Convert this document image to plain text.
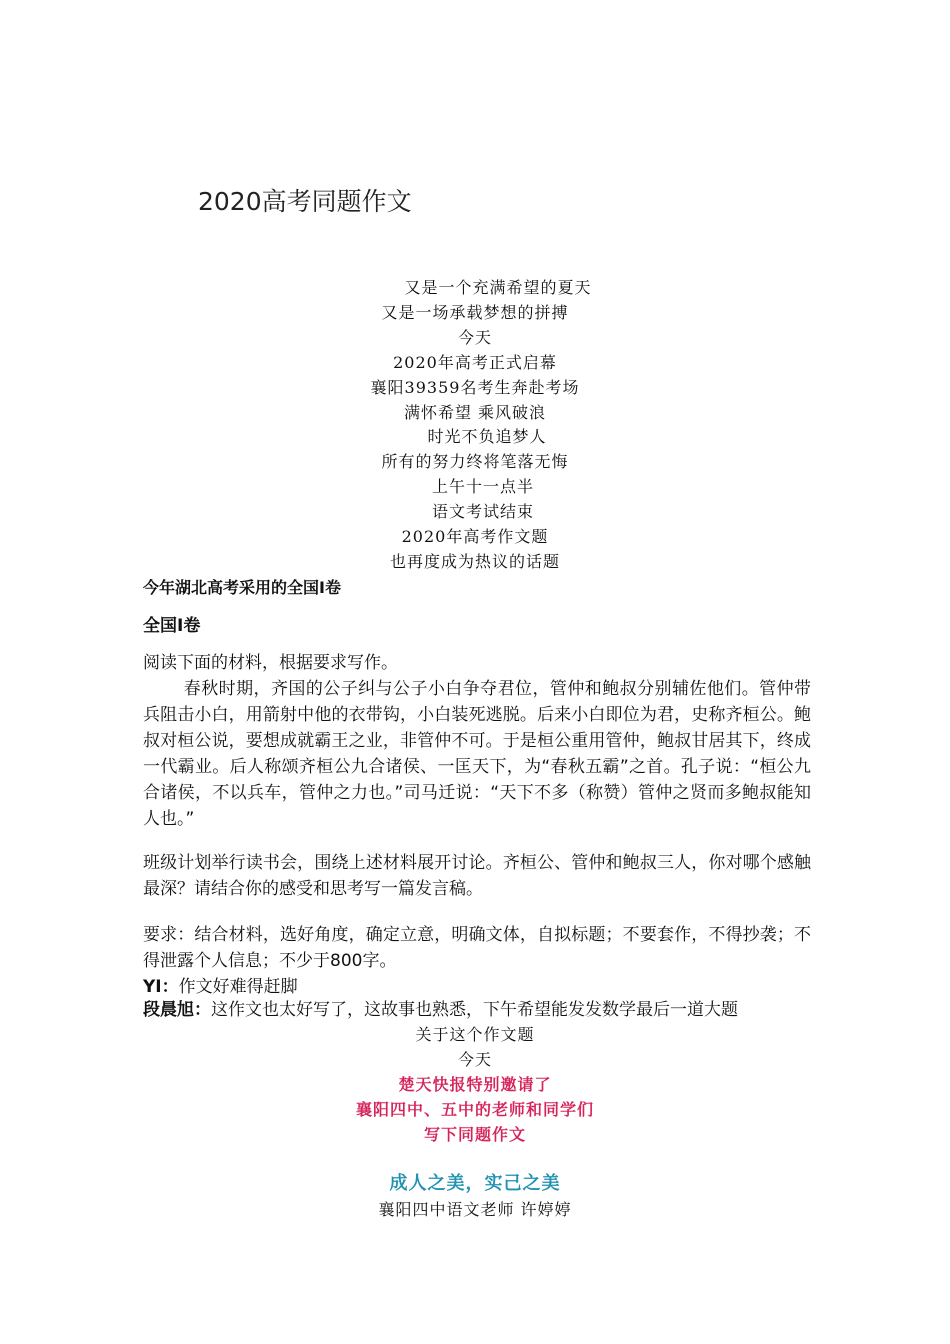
2020高考同题作文
又是一个充满希望的夏天
又是一场承载梦想的拼搏
今天
2020年高考正式启幕
襄阳39359名考生奔赴考场
满怀希望 乘风破浪
时光不负追梦人
所有的努力终将笔落无悔
上午十一点半
语文考试结束
2020年高考作文题
也再度成为热议的话题
今年湖北高考采用的全国Ⅰ卷
全国Ⅰ卷
阅读下面的材料，根据要求写作。
春秋时期，齐国的公子纠与公子小白争夺君位，管仲和鲍叔分别辅佐他们。管仲带兵阻击小白，用箭射中他的衣带钩，小白装死逃脱。后来小白即位为君，史称齐桓公。鲍叔对桓公说，要想成就霸王之业，非管仲不可。于是桓公重用管仲，鲍叔甘居其下，终成一代霸业。后人称颂齐桓公九合诸侯、一匡天下，为“春秋五霸”之首。孔子说：“桓公九合诸侯，不以兵车，管仲之力也。”司马迁说：“天下不多（称赞）管仲之贤而多鲍叔能知人也。”
班级计划举行读书会，围绕上述材料展开讨论。齐桓公、管仲和鲍叔三人，你对哪个感触最深？请结合你的感受和思考写一篇发言稿。
要求：结合材料，选好角度，确定立意，明确文体，自拟标题；不要套作，不得抄袭；不得泄露个人信息；不少于800字。
YI：作文好难得赶脚
段晨旭：这作文也太好写了，这故事也熟悉，下午希望能发发数学最后一道大题
关于这个作文题
今天
楚天快报特别邀请了
襄阳四中、五中的老师和同学们
写下同题作文
成人之美，实己之美
襄阳四中语文老师 许婷婷
